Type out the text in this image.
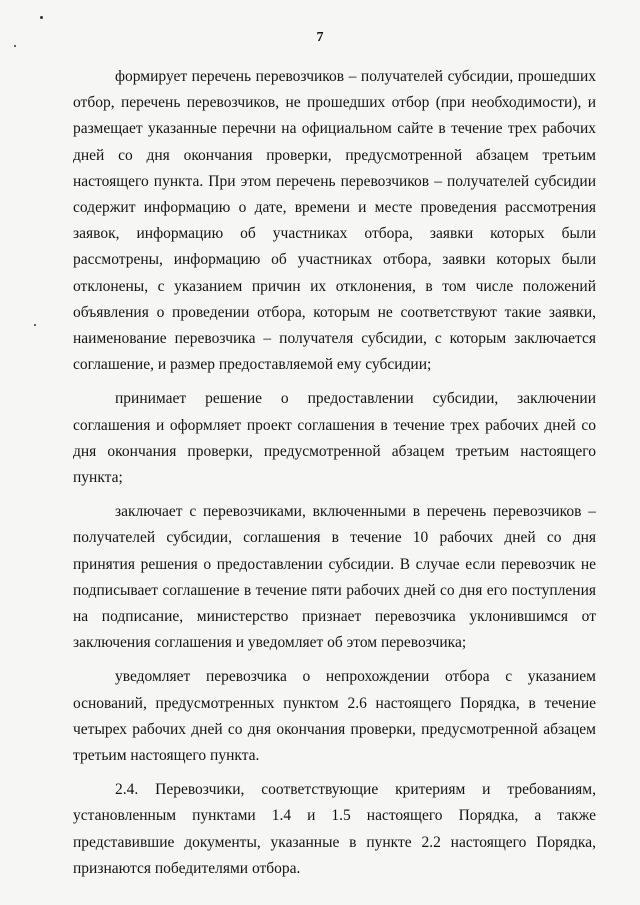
7

формирует перечень перевозчиков – получателей субсидии, прошедших отбор, перечень перевозчиков, не прошедших отбор (при необходимости), и размещает указанные перечни на официальном сайте в течение трех рабочих дней со дня окончания проверки, предусмотренной абзацем третьим настоящего пункта. При этом перечень перевозчиков – получателей субсидии содержит информацию о дате, времени и месте проведения рассмотрения заявок, информацию об участниках отбора, заявки которых были рассмотрены, информацию об участниках отбора, заявки которых были отклонены, с указанием причин их отклонения, в том числе положений объявления о проведении отбора, которым не соответствуют такие заявки, наименование перевозчика – получателя субсидии, с которым заключается соглашение, и размер предоставляемой ему субсидии;

принимает решение о предоставлении субсидии, заключении соглашения и оформляет проект соглашения в течение трех рабочих дней со дня окончания проверки, предусмотренной абзацем третьим настоящего пункта;

заключает с перевозчиками, включенными в перечень перевозчиков – получателей субсидии, соглашения в течение 10 рабочих дней со дня принятия решения о предоставлении субсидии. В случае если перевозчик не подписывает соглашение в течение пяти рабочих дней со дня его поступления на подписание, министерство признает перевозчика уклонившимся от заключения соглашения и уведомляет об этом перевозчика;

уведомляет перевозчика о непрохождении отбора с указанием оснований, предусмотренных пунктом 2.6 настоящего Порядка, в течение четырех рабочих дней со дня окончания проверки, предусмотренной абзацем третьим настоящего пункта.

2.4. Перевозчики, соответствующие критериям и требованиям, установленным пунктами 1.4 и 1.5 настоящего Порядка, а также представившие документы, указанные в пункте 2.2 настоящего Порядка, признаются победителями отбора.
